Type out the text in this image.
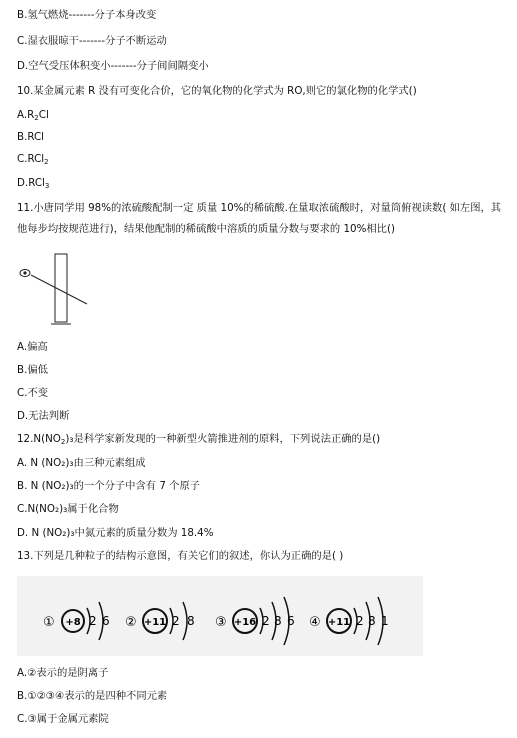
B.氢气燃烧-------分子本身改变
C.湿衣服晾干-------分子不断运动
D.空气受压体积变小-------分子间间隔变小
10.某金属元素 R 没有可变化合价，它的氧化物的化学式为 RO,则它的氯化物的化学式()
$A.R_2Cl$
B.RCl
C.RCl$_2$
D.RCl$_3$
11.小唐同学用 98%的浓硫酸配制一定 质量 10%的稀硫酸.在量取浓硫酸时，对量筒俯视读数( 如左图，其他每步均按规范进行)，结果他配制的稀硫酸中溶质的质量分数与要求的 10%相比()
A.偏高
B.偏低
C.不变
D.无法判断
$12.N(NO_2)_3$是科学家新发现的一种新型火箭推进剂的原料，下列说法正确的是()
A. N (NO₂)₃由三种元素组成
B. N (NO₂)₃的一个分子中含有 7 个原子
C.N(NO₂)₃属于化合物
D. N (NO₂)₃中氮元素的质量分数为 18.4%
13.下列是几种粒子的结构示意图，有关它们的叙述，你认为正确的是( )
① +8 2 6 ② +11 2 8 ③ +16 2 8 6 ④ +11 2 8 1
A.②表示的是阴离子
B.①②③④表示的是四种不同元素
C.③属于金属元素院
